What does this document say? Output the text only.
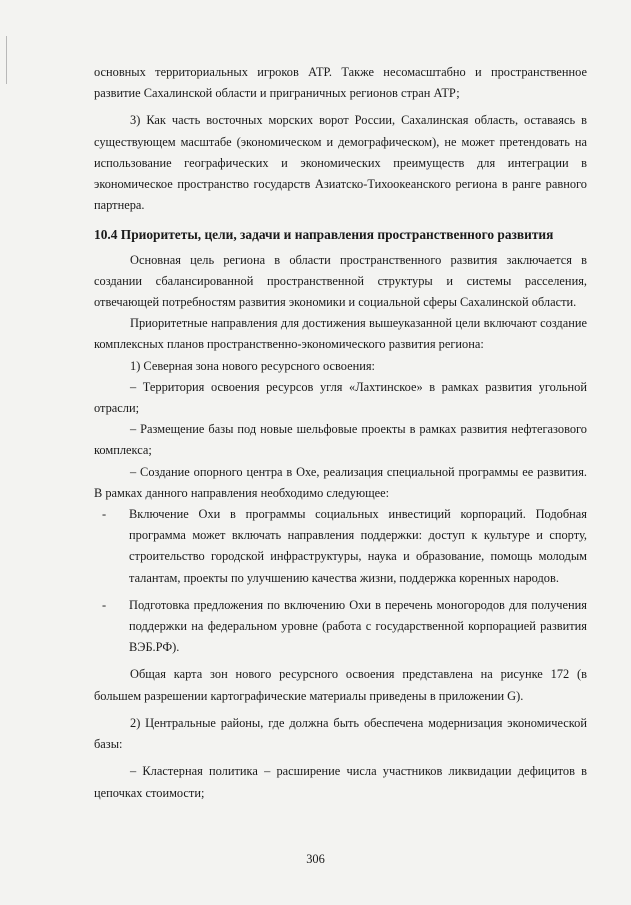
основных территориальных игроков АТР. Также несомасштабно и пространственное развитие Сахалинской области и приграничных регионов стран АТР;

3) Как часть восточных морских ворот России, Сахалинская область, оставаясь в существующем масштабе (экономическом и демографическом), не может претендовать на использование географических и экономических преимуществ для интеграции в экономическое пространство государств Азиатско-Тихоокеанского региона в ранге равного партнера.

10.4 Приоритеты, цели, задачи и направления пространственного развития

Основная цель региона в области пространственного развития заключается в создании сбалансированной пространственной структуры и системы расселения, отвечающей потребностям развития экономики и социальной сферы Сахалинской области.

Приоритетные направления для достижения вышеуказанной цели включают создание комплексных планов пространственно-экономического развития региона:

1) Северная зона нового ресурсного освоения:

– Территория освоения ресурсов угля «Лахтинское» в рамках развития угольной отрасли;

– Размещение базы под новые шельфовые проекты в рамках развития нефтегазового комплекса;

– Создание опорного центра в Охе, реализация специальной программы ее развития. В рамках данного направления необходимо следующее:

- Включение Охи в программы социальных инвестиций корпораций. Подобная программа может включать направления поддержки: доступ к культуре и спорту, строительство городской инфраструктуры, наука и образование, помощь молодым талантам, проекты по улучшению качества жизни, поддержка коренных народов.

- Подготовка предложения по включению Охи в перечень моногородов для получения поддержки на федеральном уровне (работа с государственной корпорацией развития ВЭБ.РФ).

Общая карта зон нового ресурсного освоения представлена на рисунке 172 (в большем разрешении картографические материалы приведены в приложении G).

2) Центральные районы, где должна быть обеспечена модернизация экономической базы:

– Кластерная политика – расширение числа участников ликвидации дефицитов в цепочках стоимости;

306
